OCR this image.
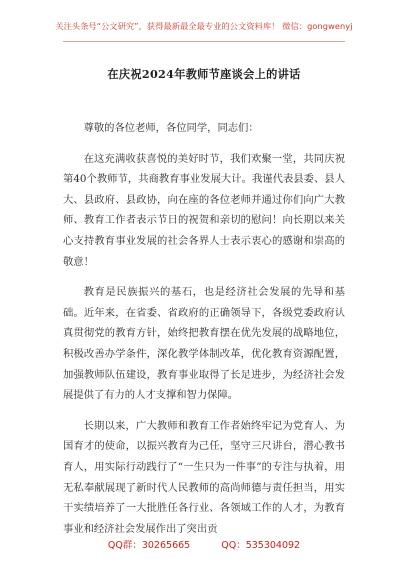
关注头条号“公文研究”，获得最新最全最专业的公文资料库！ 微信：gongwenyj
在庆祝2024年教师节座谈会上的讲话

尊敬的各位老师，各位同学，同志们：

在这充满收获喜悦的美好时节，我们欢聚一堂，共同庆祝第40个教师节，共商教育事业发展大计。我谨代表县委、县人大、县政府、县政协，向在座的各位老师并通过你们向广大教师、教育工作者表示节日的祝贺和亲切的慰问！向长期以来关心支持教育事业发展的社会各界人士表示衷心的感谢和崇高的敬意！

教育是民族振兴的基石，也是经济社会发展的先导和基础。近年来，在省委、省政府的正确领导下，各级党委政府认真贯彻党的教育方针，始终把教育摆在优先发展的战略地位，积极改善办学条件，深化教学体制改革，优化教育资源配置，加强教师队伍建设，教育事业取得了长足进步，为经济社会发展提供了有力的人才支撑和智力保障。

长期以来，广大教师和教育工作者始终牢记为党育人、为国育才的使命，以振兴教育为己任，坚守三尺讲台，潜心教书育人，用实际行动践行了“一生只为一件事”的专注与执着，用无私奉献展现了新时代人民教师的高尚师德与责任担当，用实干实绩培养了一大批胜任各行业、各领域工作的人才，为教育事业和经济社会发展作出了突出贡

QQ群：30265665	QQ：535304092
